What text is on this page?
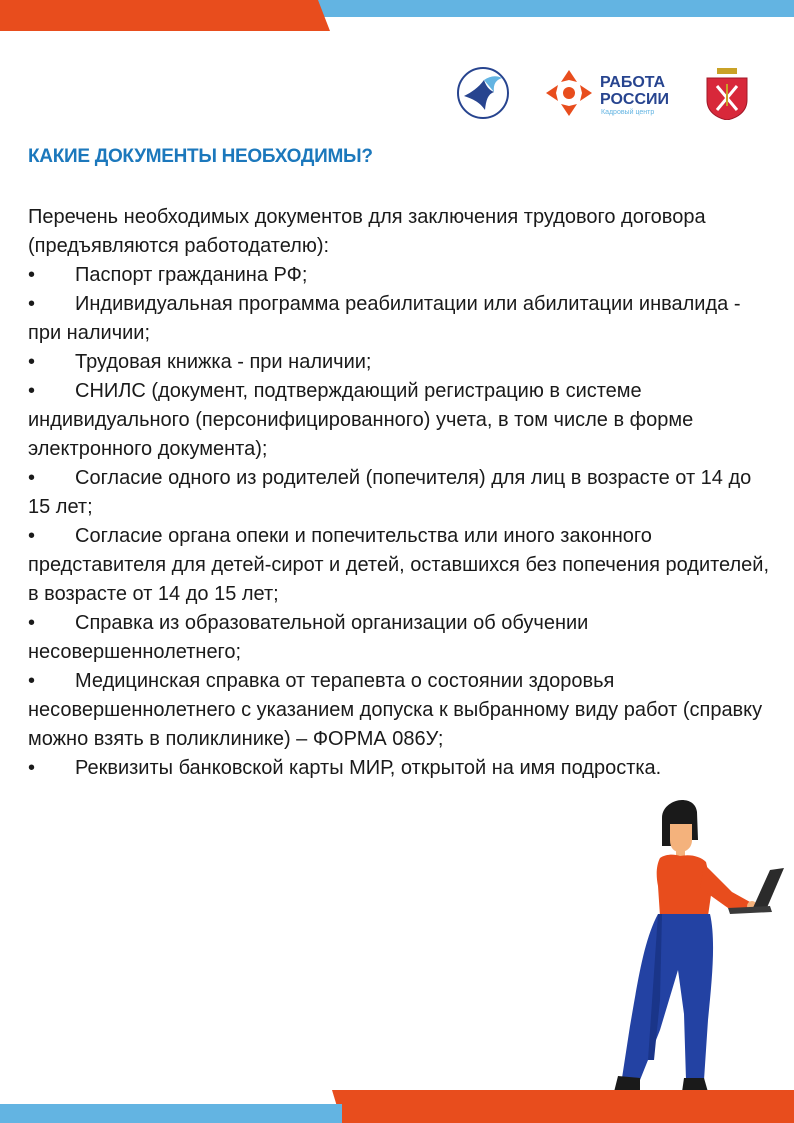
РАБОТА
РОССИИ
Кадровый центр
КАКИЕ ДОКУМЕНТЫ НЕОБХОДИМЫ?

Перечень необходимых документов для заключения трудового договора (предъявляются работодателю):

• Паспорт гражданина РФ;
• Индивидуальная программа реабилитации или абилитации инвалида - при наличии;
• Трудовая книжка - при наличии;
• СНИЛС (документ, подтверждающий регистрацию в системе индивидуального (персонифицированного) учета, в том числе в форме электронного документа);
• Согласие одного из родителей (попечителя) для лиц в возрасте от 14 до 15 лет;
• Согласие органа опеки и попечительства или иного законного представителя для детей-сирот и детей, оставшихся без попечения родителей, в возрасте от 14 до 15 лет;
• Справка из образовательной организации об обучении несовершеннолетнего;
• Медицинская справка от терапевта о состоянии здоровья несовершеннолетнего с указанием допуска к выбранному виду работ (справку можно взять в поликлинике) – ФОРМА 086У;
• Реквизиты банковской карты МИР, открытой на имя подростка.
